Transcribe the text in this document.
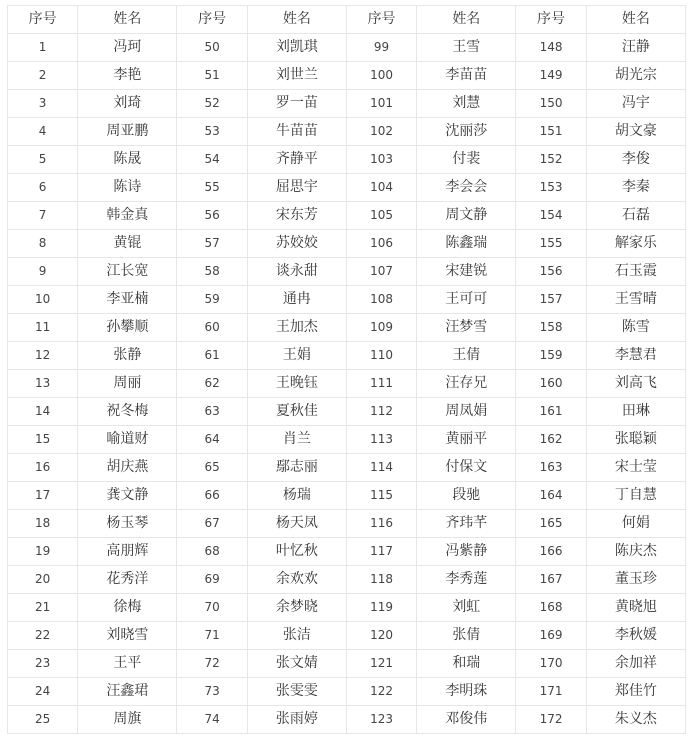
序号	姓名	序号	姓名	序号	姓名	序号	姓名
1	冯珂	50	刘凯琪	99	王雪	148	汪静
2	李艳	51	刘世兰	100	李苗苗	149	胡光宗
3	刘琦	52	罗一苗	101	刘慧	150	冯宇
4	周亚鹏	53	牛苗苗	102	沈丽莎	151	胡文豪
5	陈晟	54	齐静平	103	付裴	152	李俊
6	陈诗	55	屈思宇	104	李会会	153	李秦
7	韩金真	56	宋东芳	105	周文静	154	石磊
8	黄锟	57	苏姣姣	106	陈鑫瑞	155	解家乐
9	江长宽	58	谈永甜	107	宋建锐	156	石玉霞
10	李亚楠	59	通冉	108	王可可	157	王雪晴
11	孙攀顺	60	王加杰	109	汪梦雪	158	陈雪
12	张静	61	王娟	110	王倩	159	李慧君
13	周丽	62	王晚钰	111	汪存兄	160	刘高飞
14	祝冬梅	63	夏秋佳	112	周凤娟	161	田琳
15	喻道财	64	肖兰	113	黄丽平	162	张聪颖
16	胡庆燕	65	鄢志丽	114	付保文	163	宋士莹
17	龚文静	66	杨瑞	115	段驰	164	丁自慧
18	杨玉琴	67	杨天凤	116	齐玮芊	165	何娟
19	高朋辉	68	叶忆秋	117	冯紫静	166	陈庆杰
20	花秀洋	69	余欢欢	118	李秀莲	167	董玉珍
21	徐梅	70	余梦晓	119	刘虹	168	黄晓旭
22	刘晓雪	71	张洁	120	张倩	169	李秋媛
23	王平	72	张文婧	121	和瑞	170	余加祥
24	汪鑫珺	73	张雯雯	122	李明珠	171	郑佳竹
25	周旗	74	张雨婷	123	邓俊伟	172	朱义杰
